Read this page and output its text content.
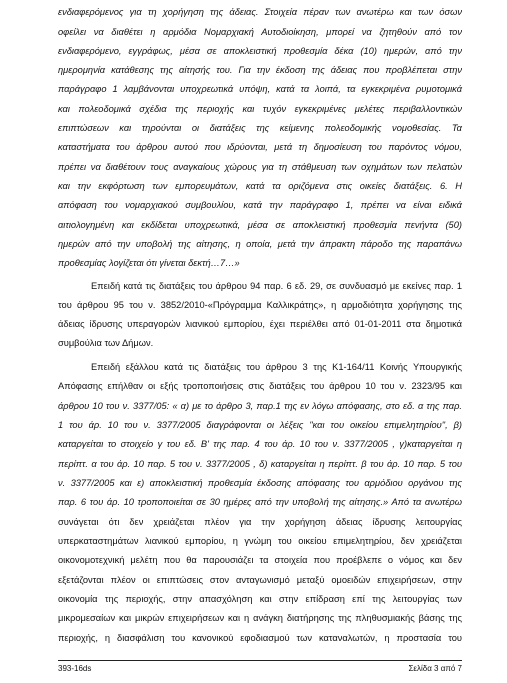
ενδιαφερόμενος για τη χορήγηση της άδειας. Στοιχεία πέραν των ανωτέρω και των όσων
οφείλει να διαθέτει η αρμόδια Νομαρχιακή Αυτοδιοίκηση, μπορεί να ζητηθούν από τον
ενδιαφερόμενο, εγγράφως, μέσα σε αποκλειστική προθεσμία δέκα (10) ημερών, από την
ημερομηνία κατάθεσης της αίτησής του. Για την έκδοση της άδειας που προβλέπεται στην
παράγραφο 1 λαμβάνονται υποχρεωτικά υπόψη, κατά τα λοιπά, τα εγκεκριμένα ρυμοτομικά
και πολεοδομικά σχέδια της περιοχής και τυχόν εγκεκριμένες μελέτες περιβαλλοντικών
επιπτώσεων και τηρούνται οι διατάξεις της κείμενης πολεοδομικής νομοθεσίας. Τα
καταστήματα του άρθρου αυτού που ιδρύονται, μετά τη δημοσίευση του παρόντος νόμου,
πρέπει να διαθέτουν τους αναγκαίους χώρους για τη στάθμευση των οχημάτων των πελατών
και την εκφόρτωση των εμπορευμάτων, κατά τα οριζόμενα στις οικείες διατάξεις. 6. Η
απόφαση του νομαρχιακού συμβουλίου, κατά την παράγραφο 1, πρέπει να είναι ειδικά
αιτιολογημένη και εκδίδεται υποχρεωτικά, μέσα σε αποκλειστική προθεσμία πενήντα (50)
ημερών από την υποβολή της αίτησης, η οποία, μετά την άπρακτη πάροδο της παραπάνω
προθεσμίας λογίζεται ότι γίνεται δεκτή…7…»
Επειδή κατά τις διατάξεις του άρθρου 94 παρ. 6 εδ. 29, σε συνδυασμό με εκείνες παρ. 1
του άρθρου 95 του ν. 3852/2010-«Πρόγραμμα Καλλικράτης», η αρμοδιότητα χορήγησης της
άδειας ίδρυσης υπεραγορών λιανικού εμπορίου, έχει περιέλθει από 01-01-2011 στα δημοτικά
συμβούλια των Δήμων.
Επειδή εξάλλου κατά τις διατάξεις του άρθρου 3 της Κ1-164/11 Κοινής Υπουργικής
Απόφασης επήλθαν οι εξής τροποποιήσεις στις διατάξεις του άρθρου 10 του ν. 2323/95 και
άρθρου 10 του ν. 3377/05: « α) με το άρθρο 3, παρ.1 της εν λόγω απόφασης, στο εδ. α της παρ.
1 του άρ. 10 του ν. 3377/2005 διαγράφονται οι λέξεις "και του οικείου επιμελητηρίου", β)
καταργείται το στοιχείο γ του εδ. Β' της παρ. 4 του άρ. 10 του ν. 3377/2005 , γ)καταργείται η
περίπτ. α του άρ. 10 παρ. 5 του ν. 3377/2005 , δ) καταργείται η περίπτ. β του άρ. 10 παρ. 5 του
ν. 3377/2005 και ε) αποκλειστική προθεσμία έκδοσης απόφασης του αρμόδιου οργάνου της
παρ. 6 του άρ. 10 τροποποιείται σε 30 ημέρες από την υποβολή της αίτησης.» Από τα ανωτέρω
συνάγεται ότι δεν χρειάζεται πλέον για την χορήγηση άδειας ίδρυσης λειτουργίας
υπερκαταστημάτων λιανικού εμπορίου, η γνώμη του οικείου επιμελητηρίου, δεν χρειάζεται
οικονομοτεχνική μελέτη που θα παρουσιάζει τα στοιχεία που προέβλεπε ο νόμος και δεν
εξετάζονται πλέον οι επιπτώσεις στον ανταγωνισμό μεταξύ ομοειδών επιχειρήσεων, στην
οικονομία της περιοχής, στην απασχόληση και στην επίδραση επί της λειτουργίας των
μικρομεσαίων και μικρών επιχειρήσεων και η ανάγκη διατήρησης της πληθυσμιακής βάσης της
περιοχής, η διασφάλιση του κανονικού εφοδιασμού των καταναλωτών, η προστασία του
393-16ds	Σελίδα 3 από 7
